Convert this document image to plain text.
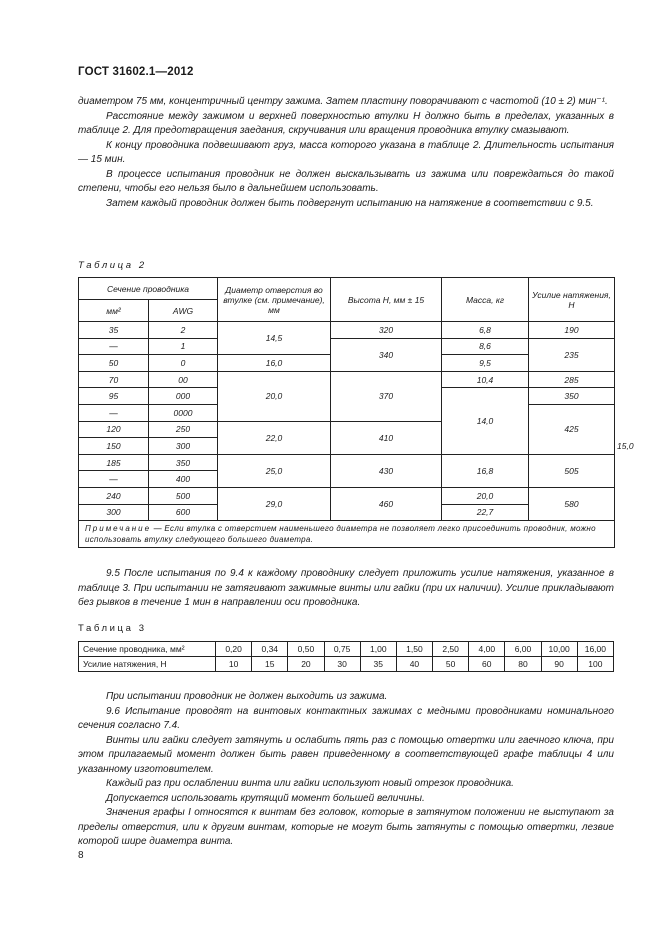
ГОСТ 31602.1—2012

диаметром 75 мм, концентричный центру зажима. Затем пластину поворачивают с частотой (10 ± 2) мин⁻¹.

Расстояние между зажимом и верхней поверхностью втулки H должно быть в пределах, указанных в таблице 2. Для предотвращения заедания, скручивания или вращения проводника втулку смазывают.

К концу проводника подвешивают груз, масса которого указана в таблице 2. Длительность испытания — 15 мин.

В процессе испытания проводник не должен выскальзывать из зажима или повреждаться до такой степени, чтобы его нельзя было в дальнейшем использовать.

Затем каждый проводник должен быть подвергнут испытанию на натяжение в соответствии с 9.5.

Таблица 2
Сечение проводника		Диаметр отверстия во втулке (см. примечание), мм	Высота H, мм ± 15	Масса, кг	Усилие натяжения, Н	
мм²	AWG					
35	2	14,5	320	6,8	190	
—	1		340	8,6	235	
50	0	16,0		9,5		
70	00	20,0	370	10,4	285	
95	000			14,0	350	
—	0000				425	
120	250	22,0	410			
150	300					15,0
185	350	25,0	430	16,8	505	
—	400					
240	500	29,0	460	20,0	580	
300	600			22,7		
Примечание — Если втулка с отверстием наименьшего диаметра не позволяет легко присоединить проводник, можно использовать втулку следующего большего диаметра.						

9.5 После испытания по 9.4 к каждому проводнику следует приложить усилие натяжения, указанное в таблице 3. При испытании не затягивают зажимные винты или гайки (при их наличии). Усилие прикладывают без рывков в течение 1 мин в направлении оси проводника.

Таблица 3
Сечение проводника, мм²	0,20	0,34	0,50	0,75	1,00	1,50	2,50	4,00	6,00	10,00	16,00
Усилие натяжения, Н	10	15	20	30	35	40	50	60	80	90	100

При испытании проводник не должен выходить из зажима.

9.6 Испытание проводят на винтовых контактных зажимах с медными проводниками номинального сечения согласно 7.4.

Винты или гайки следует затянуть и ослабить пять раз с помощью отвертки или гаечного ключа, при этом прилагаемый момент должен быть равен приведенному в соответствующей графе таблицы 4 или указанному изготовителем.

Каждый раз при ослаблении винта или гайки используют новый отрезок проводника.

Допускается использовать крутящий момент большей величины.

Значения графы I относятся к винтам без головок, которые в затянутом положении не выступают за пределы отверстия, или к другим винтам, которые не могут быть затянуты с помощью отвертки, лезвие которой шире диаметра винта.

8
